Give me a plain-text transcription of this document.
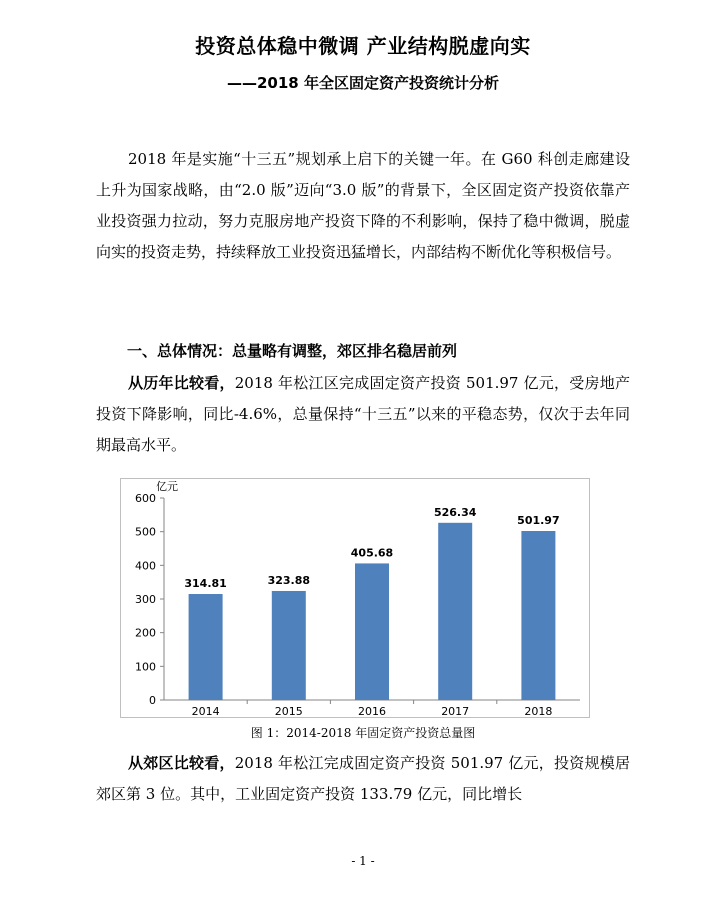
投资总体稳中微调 产业结构脱虚向实
——2018 年全区固定资产投资统计分析

2018 年是实施“十三五”规划承上启下的关键一年。在 G60 科创走廊建设上升为国家战略，由“2.0 版”迈向“3.0 版”的背景下，全区固定资产投资依靠产业投资强力拉动，努力克服房地产投资下降的不利影响，保持了稳中微调，脱虚向实的投资走势，持续释放工业投资迅猛增长，内部结构不断优化等积极信号。

一、总体情况：总量略有调整，郊区排名稳居前列

从历年比较看，2018 年松江区完成固定资产投资 501.97 亿元，受房地产投资下降影响，同比-4.6%，总量保持“十三五”以来的平稳态势，仅次于去年同期最高水平。

0
100
200
300
400
500
600
314.81	323.88
405.68
526.34
501.97
2014	2015	2016	2017	2018
亿元
图 1：2014-2018 年固定资产投资总量图

从郊区比较看，2018 年松江完成固定资产投资 501.97 亿元，投资规模居郊区第 3 位。其中，工业固定资产投资 133.79 亿元，同比增长

- 1 -
